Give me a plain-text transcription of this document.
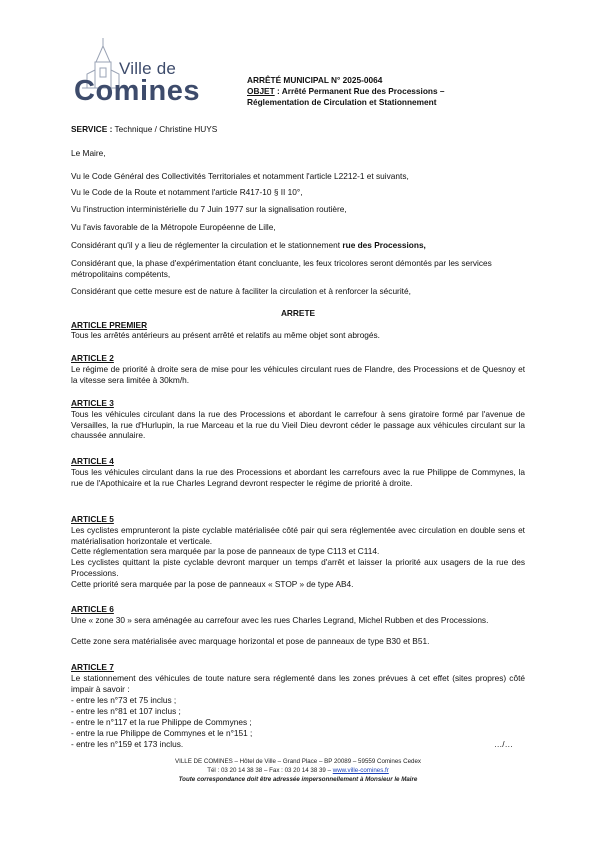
Ville de
Comines	ARRÊTÉ MUNICIPAL N° 2025-0064
OBJET : Arrêté Permanent Rue des Processions –
Réglementation de Circulation et Stationnement
SERVICE : Technique / Christine HUYS
Le Maire,
Vu le Code Général des Collectivités Territoriales et notamment l'article L2212-1 et suivants,
Vu le Code de la Route et notamment l'article R417-10 § II 10°,
Vu l'instruction interministérielle du 7 Juin 1977 sur la signalisation routière,
Vu l'avis favorable de la Métropole Européenne de Lille,
Considérant qu'il y a lieu de réglementer la circulation et le stationnement rue des Processions,
Considérant que, la phase d'expérimentation étant concluante, les feux tricolores seront démontés par les services métropolitains compétents,
Considérant que cette mesure est de nature à faciliter la circulation et à renforcer la sécurité,
ARRETE
ARTICLE PREMIER
Tous les arrêtés antérieurs au présent arrêté et relatifs au même objet sont abrogés.
ARTICLE 2
Le régime de priorité à droite sera de mise pour les véhicules circulant rues de Flandre, des Processions et de Quesnoy et la vitesse sera limitée à 30km/h.
ARTICLE 3
Tous les véhicules circulant dans la rue des Processions et abordant le carrefour à sens giratoire formé par l'avenue de Versailles, la rue d'Hurlupin, la rue Marceau et la rue du Vieil Dieu devront céder le passage aux véhicules circulant sur la chaussée annulaire.
ARTICLE 4
Tous les véhicules circulant dans la rue des Processions et abordant les carrefours avec la rue Philippe de Commynes, la rue de l'Apothicaire et la rue Charles Legrand devront respecter le régime de priorité à droite.
ARTICLE 5
Les cyclistes emprunteront la piste cyclable matérialisée côté pair qui sera réglementée avec circulation en double sens et matérialisation horizontale et verticale.
Cette réglementation sera marquée par la pose de panneaux de type C113 et C114.
Les cyclistes quittant la piste cyclable devront marquer un temps d'arrêt et laisser la priorité aux usagers de la rue des Processions.
Cette priorité sera marquée par la pose de panneaux « STOP » de type AB4.
ARTICLE 6
Une « zone 30 » sera aménagée au carrefour avec les rues Charles Legrand, Michel Rubben et des Processions.
Cette zone sera matérialisée avec marquage horizontal et pose de panneaux de type B30 et B51.
ARTICLE 7
Le stationnement des véhicules de toute nature sera réglementé dans les zones prévues à cet effet (sites propres) côté impair à savoir :
- entre les n°73 et 75 inclus ;
- entre les n°81 et 107 inclus ;
- entre le n°117 et la rue Philippe de Commynes ;
- entre la rue Philippe de Commynes et le n°151 ;
- entre les n°159 et 173 inclus.	…/…
VILLE DE COMINES – Hôtel de Ville – Grand Place – BP 20089 – 59559 Comines Cedex
Tél : 03 20 14 38 38 – Fax : 03 20 14 38 39 – www.ville-comines.fr
Toute correspondance doit être adressée impersonnellement à Monsieur le Maire
